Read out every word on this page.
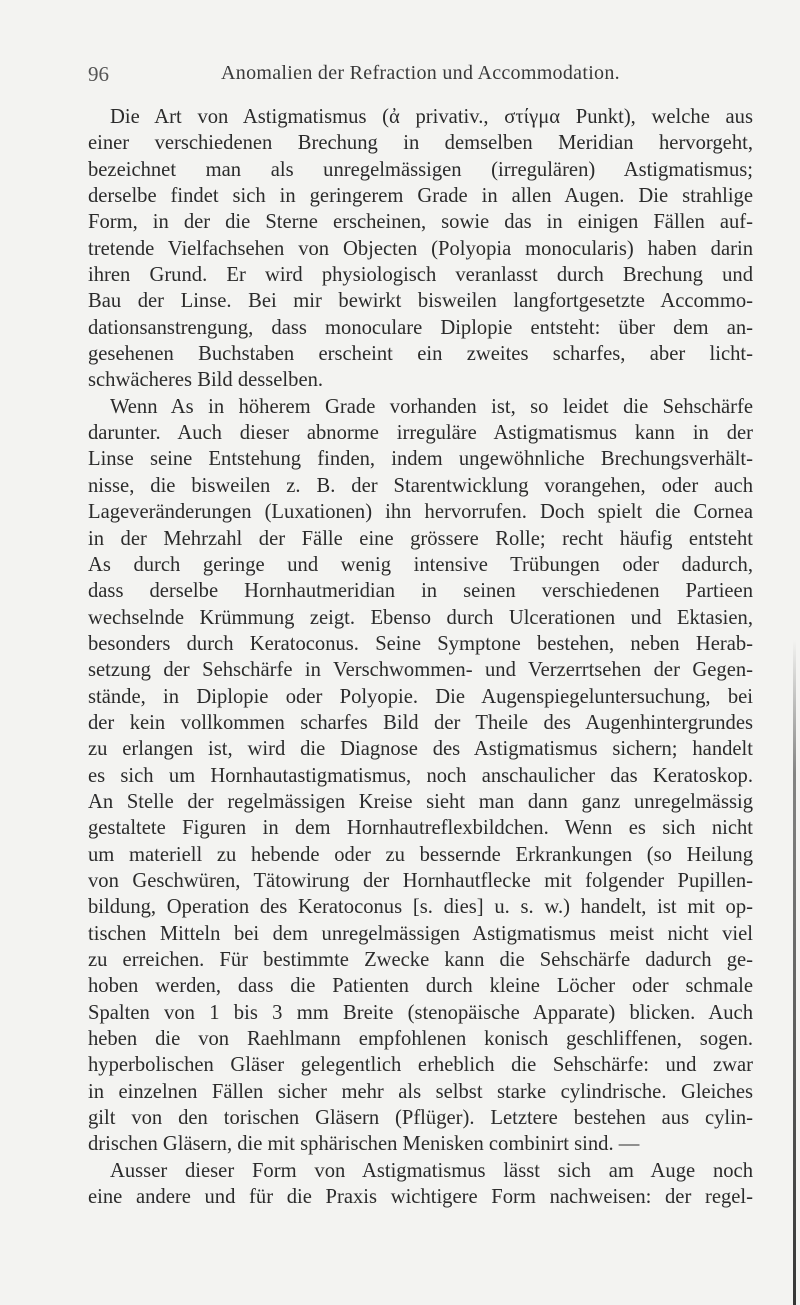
96	Anomalien der Refraction und Accommodation.

Die Art von Astigmatismus (ἀ privativ., στίγμα Punkt), welche aus
einer verschiedenen Brechung in demselben Meridian hervorgeht,
bezeichnet man als unregelmässigen (irregulären) Astigmatismus;
derselbe findet sich in geringerem Grade in allen Augen. Die strahlige
Form, in der die Sterne erscheinen, sowie das in einigen Fällen auf-
tretende Vielfachsehen von Objecten (Polyopia monocularis) haben darin
ihren Grund. Er wird physiologisch veranlasst durch Brechung und
Bau der Linse. Bei mir bewirkt bisweilen langfortgesetzte Accommo-
dationsanstrengung, dass monoculare Diplopie entsteht: über dem an-
gesehenen Buchstaben erscheint ein zweites scharfes, aber licht-
schwächeres Bild desselben.

Wenn As in höherem Grade vorhanden ist, so leidet die Sehschärfe
darunter. Auch dieser abnorme irreguläre Astigmatismus kann in der
Linse seine Entstehung finden, indem ungewöhnliche Brechungsverhält-
nisse, die bisweilen z. B. der Starentwicklung vorangehen, oder auch
Lageveränderungen (Luxationen) ihn hervorrufen. Doch spielt die Cornea
in der Mehrzahl der Fälle eine grössere Rolle; recht häufig entsteht
As durch geringe und wenig intensive Trübungen oder dadurch,
dass derselbe Hornhautmeridian in seinen verschiedenen Partieen
wechselnde Krümmung zeigt. Ebenso durch Ulcerationen und Ektasien,
besonders durch Keratoconus. Seine Symptone bestehen, neben Herab-
setzung der Sehschärfe in Verschwommen- und Verzerrtsehen der Gegen-
stände, in Diplopie oder Polyopie. Die Augenspiegeluntersuchung, bei
der kein vollkommen scharfes Bild der Theile des Augenhintergrundes
zu erlangen ist, wird die Diagnose des Astigmatismus sichern; handelt
es sich um Hornhautastigmatismus, noch anschaulicher das Keratoskop.
An Stelle der regelmässigen Kreise sieht man dann ganz unregelmässig
gestaltete Figuren in dem Hornhautreflexbildchen. Wenn es sich nicht
um materiell zu hebende oder zu bessernde Erkrankungen (so Heilung
von Geschwüren, Tätowirung der Hornhautflecke mit folgender Pupillen-
bildung, Operation des Keratoconus [s. dies] u. s. w.) handelt, ist mit op-
tischen Mitteln bei dem unregelmässigen Astigmatismus meist nicht viel
zu erreichen. Für bestimmte Zwecke kann die Sehschärfe dadurch ge-
hoben werden, dass die Patienten durch kleine Löcher oder schmale
Spalten von 1 bis 3 mm Breite (stenopäische Apparate) blicken. Auch
heben die von Raehlmann empfohlenen konisch geschliffenen, sogen.
hyperbolischen Gläser gelegentlich erheblich die Sehschärfe: und zwar
in einzelnen Fällen sicher mehr als selbst starke cylindrische. Gleiches
gilt von den torischen Gläsern (Pflüger). Letztere bestehen aus cylin-
drischen Gläsern, die mit sphärischen Menisken combinirt sind. —

Ausser dieser Form von Astigmatismus lässt sich am Auge noch
eine andere und für die Praxis wichtigere Form nachweisen: der regel-
